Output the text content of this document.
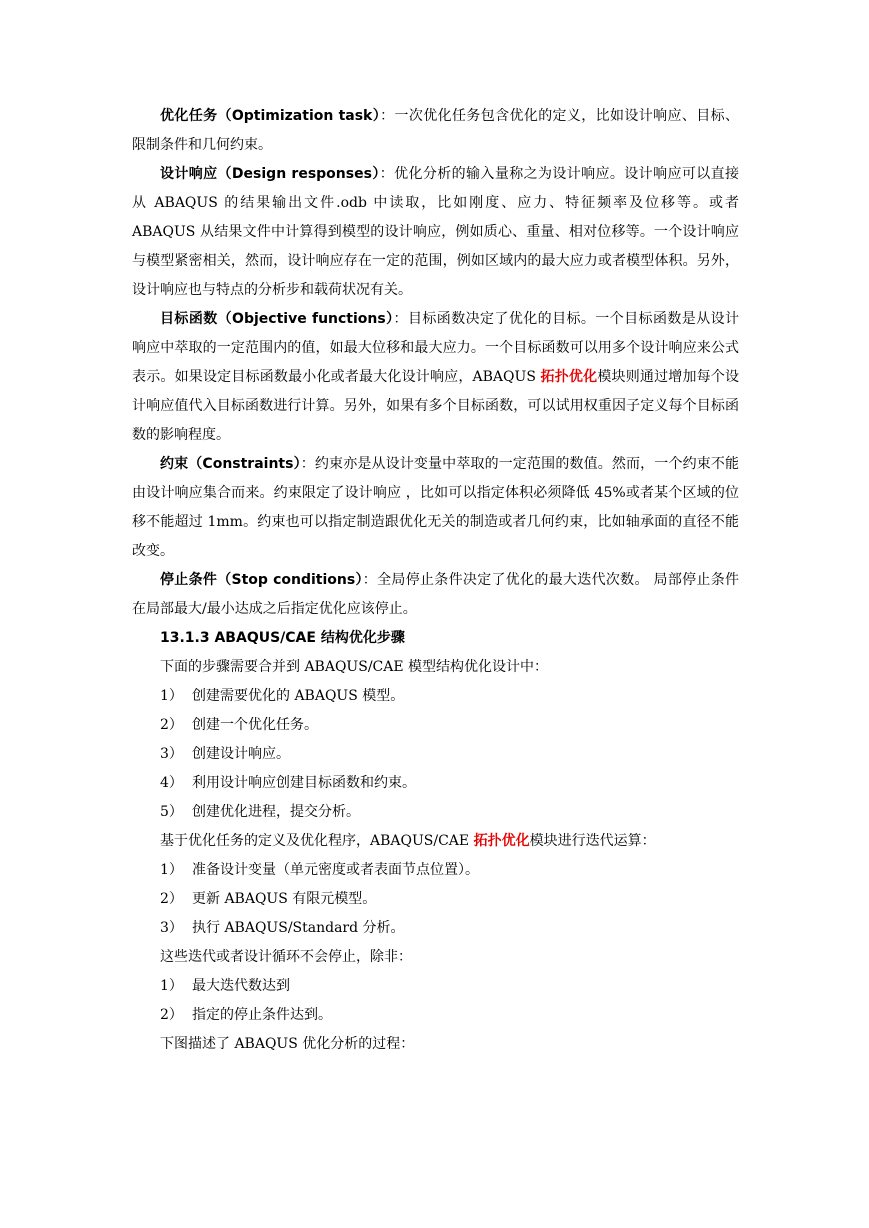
优化任务（Optimization task）：一次优化任务包含优化的定义，比如设计响应、目标、限制条件和几何约束。

设计响应（Design responses）：优化分析的输入量称之为设计响应。设计响应可以直接从 ABAQUS 的结果输出文件.odb 中读取，比如刚度、应力、特征频率及位移等。或者 ABAQUS 从结果文件中计算得到模型的设计响应，例如质心、重量、相对位移等。一个设计响应与模型紧密相关，然而，设计响应存在一定的范围，例如区域内的最大应力或者模型体积。另外，设计响应也与特点的分析步和载荷状况有关。

目标函数（Objective functions）：目标函数决定了优化的目标。一个目标函数是从设计响应中萃取的一定范围内的值，如最大位移和最大应力。一个目标函数可以用多个设计响应来公式表示。如果设定目标函数最小化或者最大化设计响应，ABAQUS 拓扑优化模块则通过增加每个设计响应值代入目标函数进行计算。另外，如果有多个目标函数，可以试用权重因子定义每个目标函数的影响程度。

约束（Constraints）：约束亦是从设计变量中萃取的一定范围的数值。然而，一个约束不能由设计响应集合而来。约束限定了设计响应 ，比如可以指定体积必须降低 45%或者某个区域的位移不能超过 1mm。约束也可以指定制造跟优化无关的制造或者几何约束，比如轴承面的直径不能改变。

停止条件（Stop conditions）：全局停止条件决定了优化的最大迭代次数。 局部停止条件在局部最大/最小达成之后指定优化应该停止。

13.1.3 ABAQUS/CAE 结构优化步骤

下面的步骤需要合并到 ABAQUS/CAE 模型结构优化设计中：

1） 创建需要优化的 ABAQUS 模型。
2） 创建一个优化任务。
3） 创建设计响应。
4） 利用设计响应创建目标函数和约束。
5） 创建优化进程，提交分析。

基于优化任务的定义及优化程序，ABAQUS/CAE 拓扑优化模块进行迭代运算：

1） 准备设计变量（单元密度或者表面节点位置）。
2） 更新 ABAQUS 有限元模型。
3） 执行 ABAQUS/Standard 分析。

这些迭代或者设计循环不会停止，除非：

1） 最大迭代数达到
2） 指定的停止条件达到。

下图描述了 ABAQUS 优化分析的过程：
